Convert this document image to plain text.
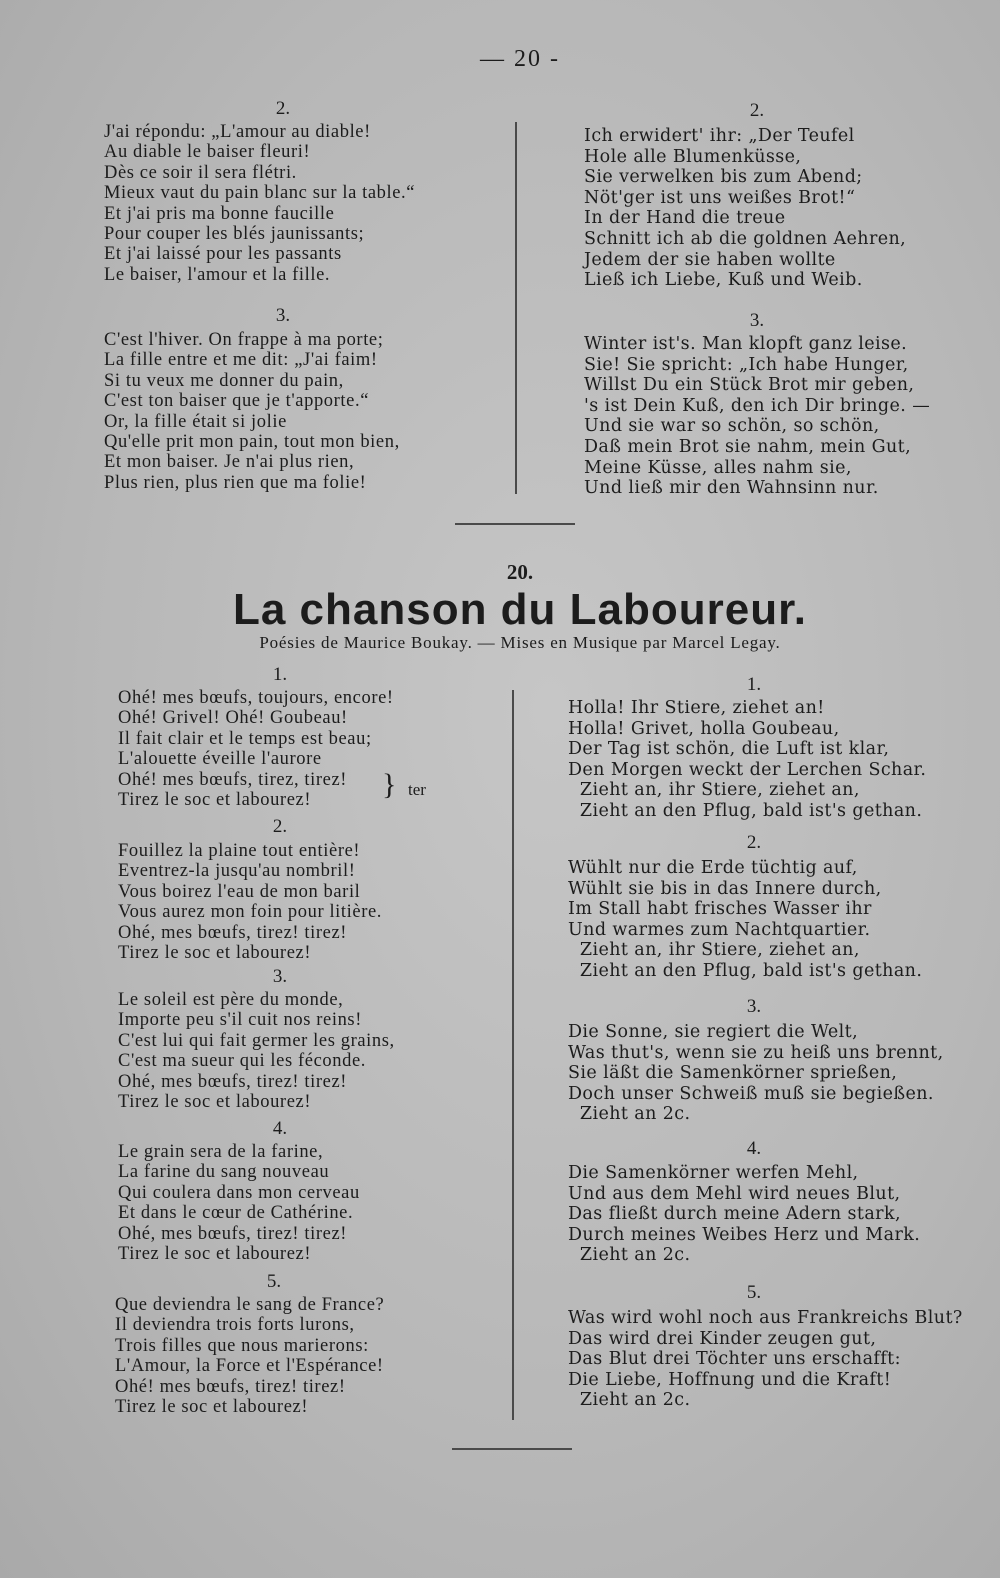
— 20 -
2.
J'ai répondu: „L'amour au diable!
Au diable le baiser fleuri!
Dès ce soir il sera flétri.
Mieux vaut du pain blanc sur la table.“
Et j'ai pris ma bonne faucille
Pour couper les blés jaunissants;
Et j'ai laissé pour les passants
Le baiser, l'amour et la fille.
3.
C'est l'hiver. On frappe à ma porte;
La fille entre et me dit: „J'ai faim!
Si tu veux me donner du pain,
C'est ton baiser que je t'apporte.“
Or, la fille était si jolie
Qu'elle prit mon pain, tout mon bien,
Et mon baiser. Je n'ai plus rien,
Plus rien, plus rien que ma folie!
2.
Ich erwidert' ihr: „Der Teufel
Hole alle Blumenküsse,
Sie verwelken bis zum Abend;
Nöt'ger ist uns weißes Brot!“
In der Hand die treue
Schnitt ich ab die goldnen Aehren,
Jedem der sie haben wollte
Ließ ich Liebe, Kuß und Weib.
3.
Winter ist's. Man klopft ganz leise.
Sie! Sie spricht: „Ich habe Hunger,
Willst Du ein Stück Brot mir geben,
's ist Dein Kuß, den ich Dir bringe. —
Und sie war so schön, so schön,
Daß mein Brot sie nahm, mein Gut,
Meine Küsse, alles nahm sie,
Und ließ mir den Wahnsinn nur.
20.
La chanson du Laboureur.
Poésies de Maurice Boukay. — Mises en Musique par Marcel Legay.
1.
Ohé! mes bœufs, toujours, encore!
Ohé! Grivel! Ohé! Goubeau!
Il fait clair et le temps est beau;
L'alouette éveille l'aurore
Ohé! mes bœufs, tirez, tirez!
Tirez le soc et labourez!	} ter
2.
Fouillez la plaine tout entière!
Eventrez-la jusqu'au nombril!
Vous boirez l'eau de mon baril
Vous aurez mon foin pour litière.
Ohé, mes bœufs, tirez! tirez!
Tirez le soc et labourez!
3.
Le soleil est père du monde,
Importe peu s'il cuit nos reins!
C'est lui qui fait germer les grains,
C'est ma sueur qui les féconde.
Ohé, mes bœufs, tirez! tirez!
Tirez le soc et labourez!
4.
Le grain sera de la farine,
La farine du sang nouveau
Qui coulera dans mon cerveau
Et dans le cœur de Cathérine.
Ohé, mes bœufs, tirez! tirez!
Tirez le soc et labourez!
5.
Que deviendra le sang de France?
Il deviendra trois forts lurons,
Trois filles que nous marierons:
L'Amour, la Force et l'Espérance!
Ohé! mes bœufs, tirez! tirez!
Tirez le soc et labourez!
1.
Holla! Ihr Stiere, ziehet an!
Holla! Grivet, holla Goubeau,
Der Tag ist schön, die Luft ist klar,
Den Morgen weckt der Lerchen Schar.
Zieht an, ihr Stiere, ziehet an,
Zieht an den Pflug, bald ist's gethan.
2.
Wühlt nur die Erde tüchtig auf,
Wühlt sie bis in das Innere durch,
Im Stall habt frisches Wasser ihr
Und warmes zum Nachtquartier.
Zieht an, ihr Stiere, ziehet an,
Zieht an den Pflug, bald ist's gethan.
3.
Die Sonne, sie regiert die Welt,
Was thut's, wenn sie zu heiß uns brennt,
Sie läßt die Samenkörner sprießen,
Doch unser Schweiß muß sie begießen.
Zieht an 2c.
4.
Die Samenkörner werfen Mehl,
Und aus dem Mehl wird neues Blut,
Das fließt durch meine Adern stark,
Durch meines Weibes Herz und Mark.
Zieht an 2c.
5.
Was wird wohl noch aus Frankreichs Blut?
Das wird drei Kinder zeugen gut,
Das Blut drei Töchter uns erschafft:
Die Liebe, Hoffnung und die Kraft!
Zieht an 2c.
